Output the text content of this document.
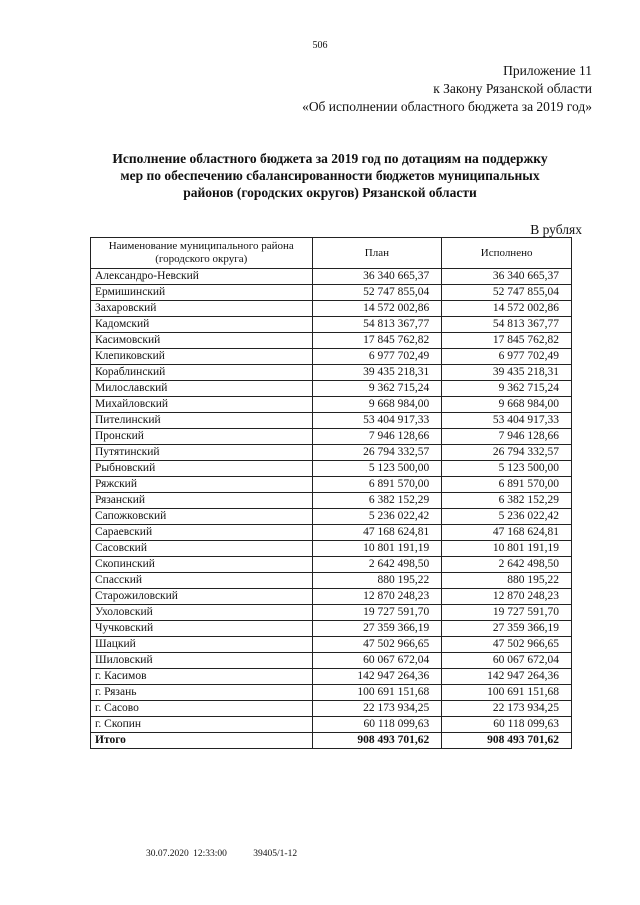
506
Приложение 11
к Закону Рязанской области
«Об исполнении областного бюджета за 2019 год»
Исполнение областного бюджета за 2019 год по дотациям на поддержку
мер по обеспечению сбалансированности бюджетов муниципальных
районов (городских округов) Рязанской области
В рублях
Наименование муниципального района (городского округа)	План	Исполнено
Александро-Невский	36 340 665,37	36 340 665,37
Ермишинский	52 747 855,04	52 747 855,04
Захаровский	14 572 002,86	14 572 002,86
Кадомский	54 813 367,77	54 813 367,77
Касимовский	17 845 762,82	17 845 762,82
Клепиковский	6 977 702,49	6 977 702,49
Кораблинский	39 435 218,31	39 435 218,31
Милославский	9 362 715,24	9 362 715,24
Михайловский	9 668 984,00	9 668 984,00
Пителинский	53 404 917,33	53 404 917,33
Пронский	7 946 128,66	7 946 128,66
Путятинский	26 794 332,57	26 794 332,57
Рыбновский	5 123 500,00	5 123 500,00
Ряжский	6 891 570,00	6 891 570,00
Рязанский	6 382 152,29	6 382 152,29
Сапожковский	5 236 022,42	5 236 022,42
Сараевский	47 168 624,81	47 168 624,81
Сасовский	10 801 191,19	10 801 191,19
Скопинский	2 642 498,50	2 642 498,50
Спасский	880 195,22	880 195,22
Старожиловский	12 870 248,23	12 870 248,23
Ухоловский	19 727 591,70	19 727 591,70
Чучковский	27 359 366,19	27 359 366,19
Шацкий	47 502 966,65	47 502 966,65
Шиловский	60 067 672,04	60 067 672,04
г. Касимов	142 947 264,36	142 947 264,36
г. Рязань	100 691 151,68	100 691 151,68
г. Сасово	22 173 934,25	22 173 934,25
г. Скопин	60 118 099,63	60 118 099,63
Итого	908 493 701,62	908 493 701,62
30.07.2020 12:33:00	39405/1-12
